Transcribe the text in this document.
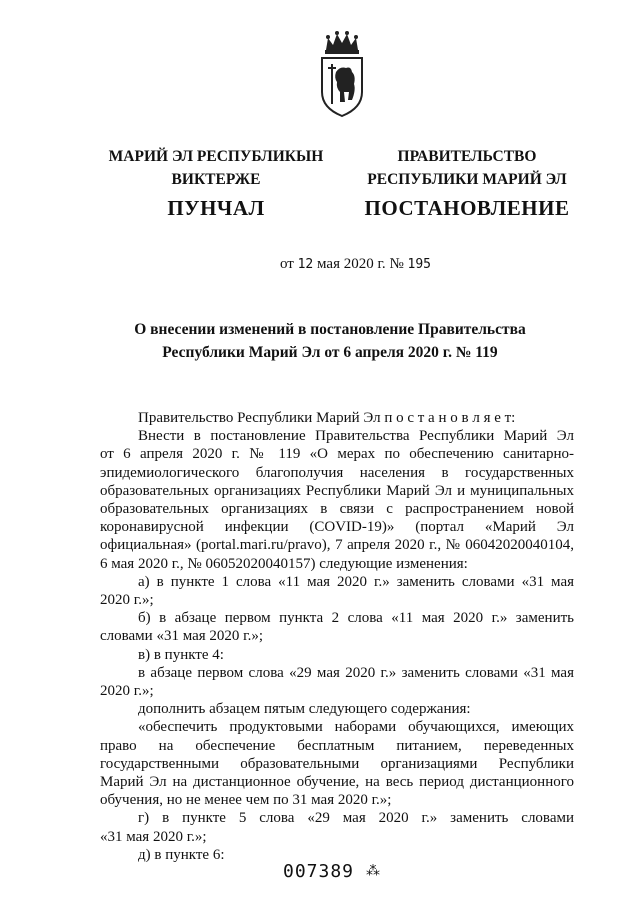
МАРИЙ ЭЛ РЕСПУБЛИКЫН
ВИКТЕРЖЕ
ПУНЧАЛ
ПРАВИТЕЛЬСТВО
РЕСПУБЛИКИ МАРИЙ ЭЛ
ПОСТАНОВЛЕНИЕ
от 12 мая 2020 г. № 195
О внесении изменений в постановление Правительства
Республики Марий Эл от 6 апреля 2020 г. № 119
Правительство Республики Марий Эл п о с т а н о в л я е т:
Внести в постановление Правительства Республики Марий Эл
от 6 апреля 2020 г. № 119 «О мерах по обеспечению санитарно-
эпидемиологического благополучия населения в государственных
образовательных организациях Республики Марий Эл и муниципальных
образовательных организациях в связи с распространением новой
коронавирусной инфекции (COVID-19)» (портал «Марий Эл
официальная» (portal.mari.ru/pravo), 7 апреля 2020 г., № 06042020040104,
6 мая 2020 г., № 06052020040157) следующие изменения:
а) в пункте 1 слова «11 мая 2020 г.» заменить словами «31 мая
2020 г.»;
б) в абзаце первом пункта 2 слова «11 мая 2020 г.» заменить
словами «31 мая 2020 г.»;
в) в пункте 4:
в абзаце первом слова «29 мая 2020 г.» заменить словами «31 мая
2020 г.»;
дополнить абзацем пятым следующего содержания:
«обеспечить продуктовыми наборами обучающихся, имеющих
право на обеспечение бесплатным питанием, переведенных
государственными образовательными организациями Республики
Марий Эл на дистанционное обучение, на весь период дистанционного
обучения, но не менее чем по 31 мая 2020 г.»;
г) в пункте 5 слова «29 мая 2020 г.» заменить словами
«31 мая 2020 г.»;
д) в пункте 6:
007389 ⁂
